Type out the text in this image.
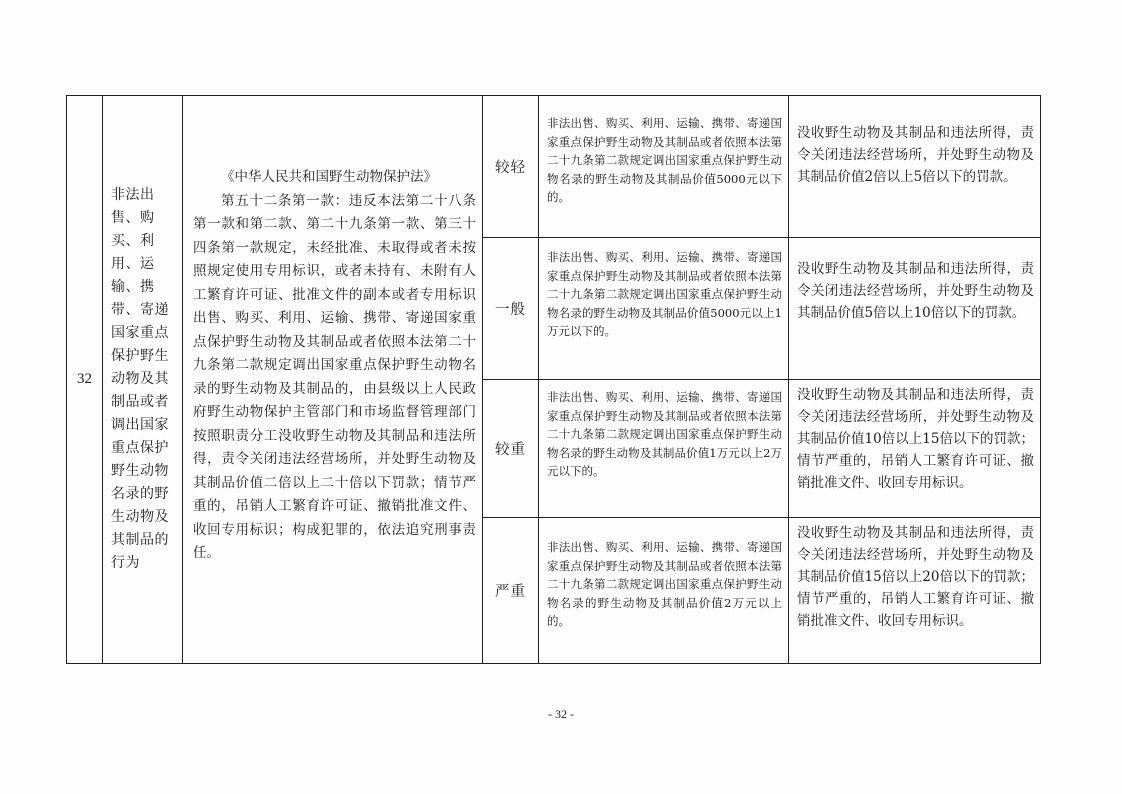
32	非法出售、购买、利用、运输、携带、寄递国家重点保护野生动物及其制品或者调出国家重点保护野生动物名录的野生动物及其制品的行为	《中华人民共和国野生动物保护法》
第五十二条第一款：违反本法第二十八条第一款和第二款、第二十九条第一款、第三十四条第一款规定，未经批准、未取得或者未按照规定使用专用标识，或者未持有、未附有人工繁育许可证、批准文件的副本或者专用标识出售、购买、利用、运输、携带、寄递国家重点保护野生动物及其制品或者依照本法第二十九条第二款规定调出国家重点保护野生动物名录的野生动物及其制品的，由县级以上人民政府野生动物保护主管部门和市场监督管理部门按照职责分工没收野生动物及其制品和违法所得，责令关闭违法经营场所，并处野生动物及其制品价值二倍以上二十倍以下罚款；情节严重的，吊销人工繁育许可证、撤销批准文件、收回专用标识；构成犯罪的，依法追究刑事责任。	较轻	非法出售、购买、利用、运输、携带、寄递国家重点保护野生动物及其制品或者依照本法第二十九条第二款规定调出国家重点保护野生动物名录的野生动物及其制品价值5000元以下的。	没收野生动物及其制品和违法所得，责令关闭违法经营场所，并处野生动物及其制品价值2倍以上5倍以下的罚款。
			一般	非法出售、购买、利用、运输、携带、寄递国家重点保护野生动物及其制品或者依照本法第二十九条第二款规定调出国家重点保护野生动物名录的野生动物及其制品价值5000元以上1万元以下的。	没收野生动物及其制品和违法所得，责令关闭违法经营场所，并处野生动物及其制品价值5倍以上10倍以下的罚款。
			较重	非法出售、购买、利用、运输、携带、寄递国家重点保护野生动物及其制品或者依照本法第二十九条第二款规定调出国家重点保护野生动物名录的野生动物及其制品价值1万元以上2万元以下的。	没收野生动物及其制品和违法所得，责令关闭违法经营场所，并处野生动物及其制品价值10倍以上15倍以下的罚款；情节严重的，吊销人工繁育许可证、撤销批准文件、收回专用标识。
			严重	非法出售、购买、利用、运输、携带、寄递国家重点保护野生动物及其制品或者依照本法第二十九条第二款规定调出国家重点保护野生动物名录的野生动物及其制品价值2万元以上的。	没收野生动物及其制品和违法所得，责令关闭违法经营场所，并处野生动物及其制品价值15倍以上20倍以下的罚款；情节严重的，吊销人工繁育许可证、撤销批准文件、收回专用标识。
- 32 -
